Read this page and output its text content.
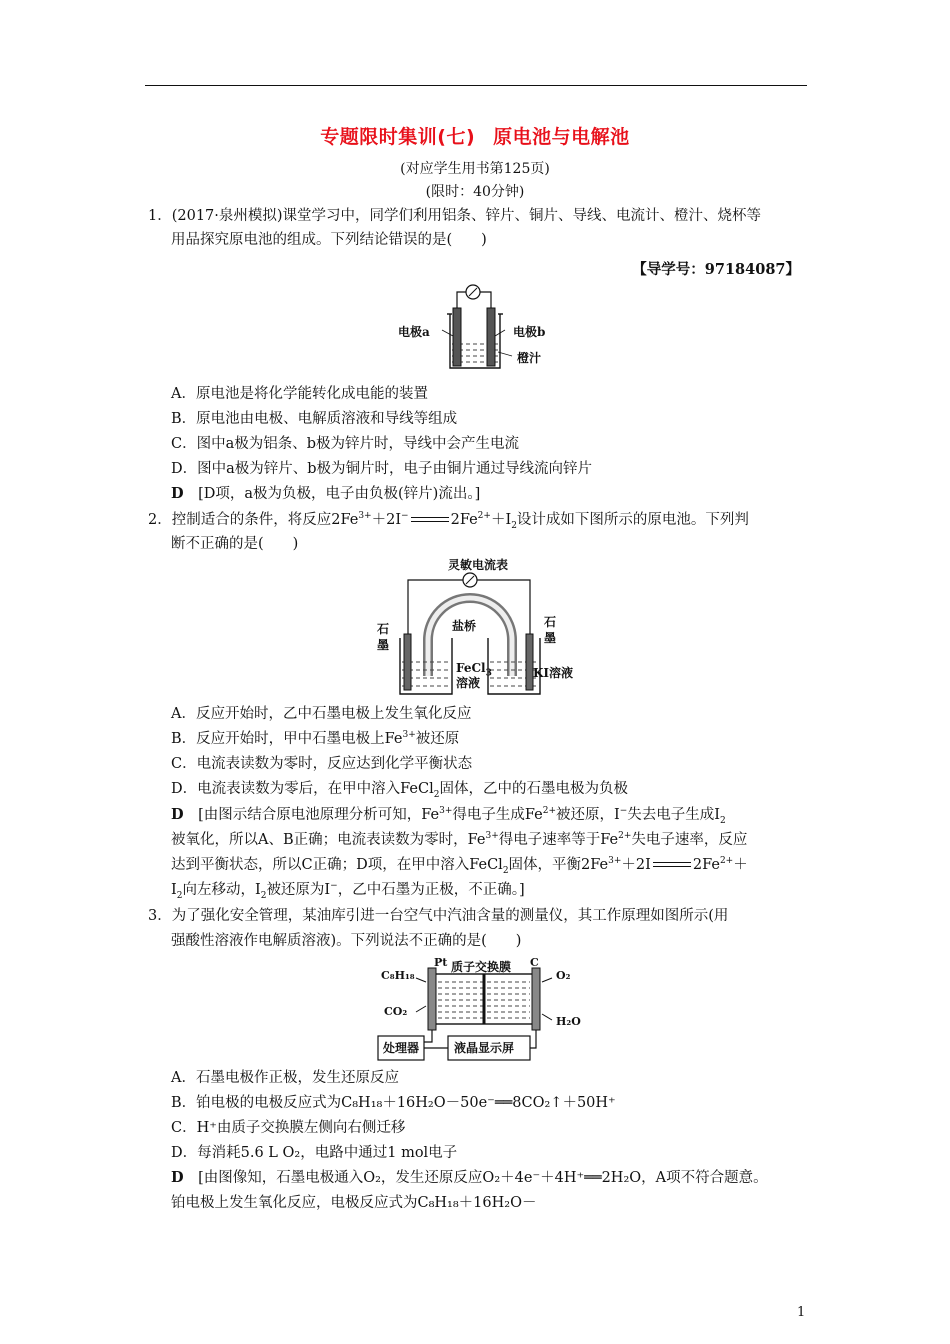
专题限时集训(七) 原电池与电解池
(对应学生用书第125页)
(限时：40分钟)
1．(2017·泉州模拟)课堂学习中，同学们利用铝条、锌片、铜片、导线、电流计、橙汁、烧杯等
用品探究原电池的组成。下列结论错误的是(　　)
【导学号：97184087】
电极a	电极b
橙汁
A．原电池是将化学能转化成电能的装置
B．原电池由电极、电解质溶液和导线等组成
C．图中a极为铝条、b极为锌片时，导线中会产生电流
D．图中a极为锌片、b极为铜片时，电子由铜片通过导线流向锌片
D　 [D项，a极为负极，电子由负极(锌片)流出。]
2．控制适合的条件，将反应$2Fe^{3+}+2I^-$	$2Fe^{2+}+I_2$设计成如下图所示的原电池。下列判
断不正确的是(　　)
灵敏电流表
盐桥
石
墨
石
墨
FeCl$_3$
溶液
KI溶液
A．反应开始时，乙中石墨电极上发生氧化反应
B．反应开始时，甲中石墨电极上$Fe^{3+}$被还原
C．电流表读数为零时，反应达到化学平衡状态
D．电流表读数为零后，在甲中溶入FeCl$_2$固体，乙中的石墨电极为负极
D　 [由图示结合原电池原理分析可知，$Fe^{3+}$得电子生成$Fe^{2+}$被还原，I−失去电子生成$I_2$
被氧化，所以A、B正确；电流表读数为零时，$Fe^{3+}$得电子速率等于$Fe^{2+}$失电子速率，反应
达到平衡状态，所以C正确；D项，在甲中溶入FeCl$_2$固体，平衡$2Fe^{3+}+2I$	$2Fe^{2+}+$
$I_2$向左移动，$I_2$被还原为I−，乙中石墨为正极，不正确。]
3．为了强化安全管理，某油库引进一台空气中汽油含量的测量仪，其工作原理如图所示(用
强酸性溶液作电解质溶液)。下列说法不正确的是(　　)
Pt	C
质子交换膜
C₈H₁₈
CO₂
O₂
H₂O
处理器	液晶显示屏
A．石墨电极作正极，发生还原反应
B．铂电极的电极反应式为C₈H₁₈＋16H₂O－50e⁻══8CO₂↑＋50H⁺
C．H⁺由质子交换膜左侧向右侧迁移
D．每消耗5.6 L O₂，电路中通过1 mol电子
D　 [由图像知，石墨电极通入O₂，发生还原反应O₂＋4e⁻＋4H⁺══2H₂O，A项不符合题意。
铂电极上发生氧化反应，电极反应式为C₈H₁₈＋16H₂O－
1
